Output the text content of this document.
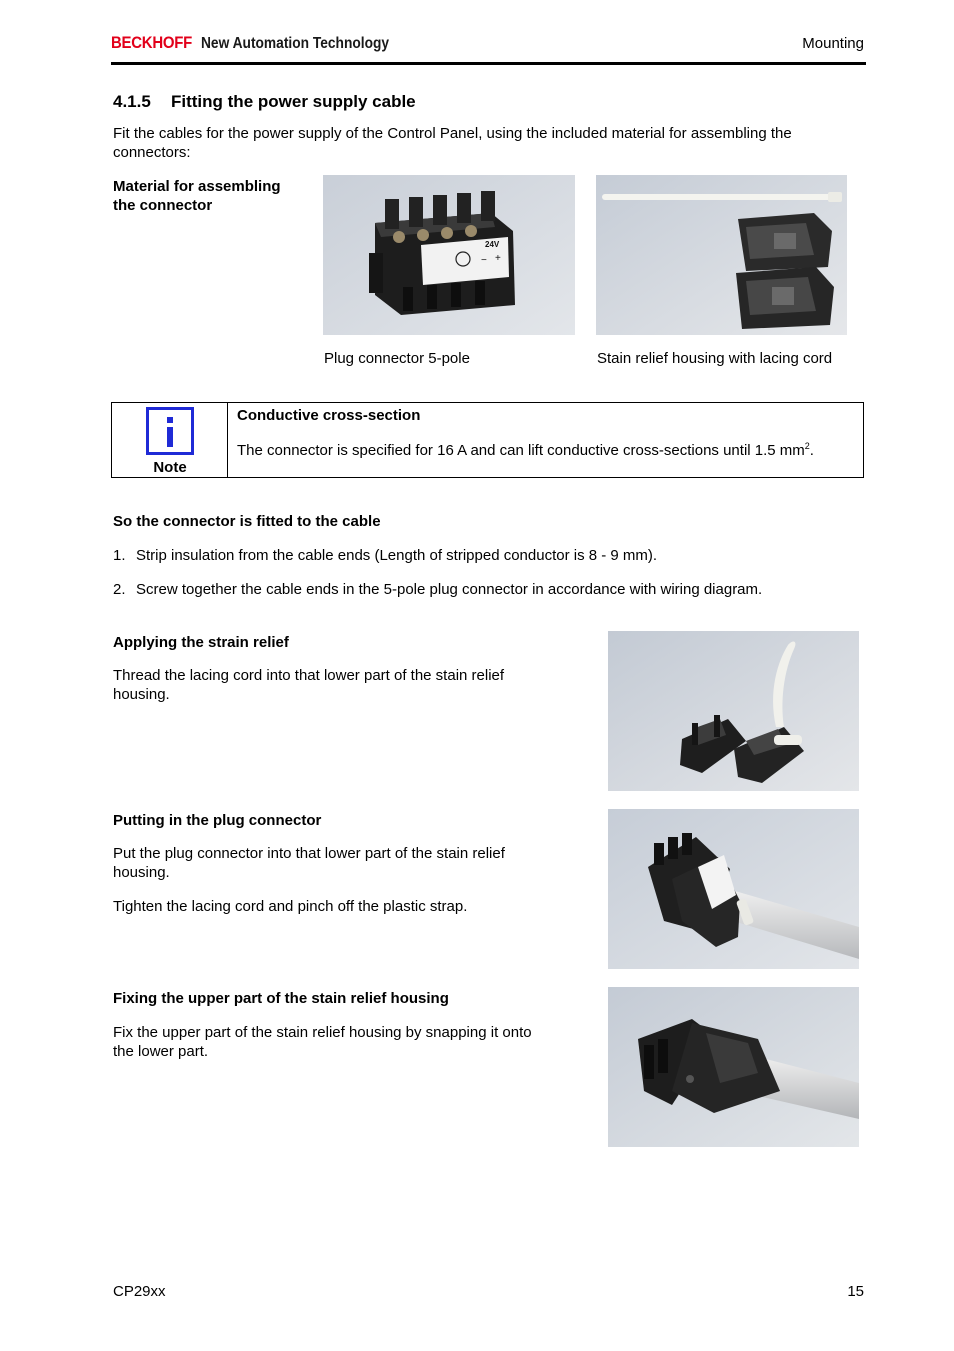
BECKHOFF New Automation Technology	Mounting
4.1.5 Fitting the power supply cable
Fit the cables for the power supply of the Control Panel, using the included material for assembling the connectors:
Material for assembling
the connector
24V
− +
Plug connector 5-pole	Stain relief housing with lacing cord
Note
Conductive cross-section
The connector is specified for 16 A and can lift conductive cross-sections until 1.5 $mm^2$.
So the connector is fitted to the cable
1. Strip insulation from the cable ends (Length of stripped conductor is 8 - 9 mm).
2. Screw together the cable ends in the 5-pole plug connector in accordance with wiring diagram.
Applying the strain relief
Thread the lacing cord into that lower part of the stain relief
housing.
Putting in the plug connector
Put the plug connector into that lower part of the stain relief
housing.
Tighten the lacing cord and pinch off the plastic strap.
Fixing the upper part of the stain relief housing
Fix the upper part of the stain relief housing by snapping it onto
the lower part.
CP29xx	15
